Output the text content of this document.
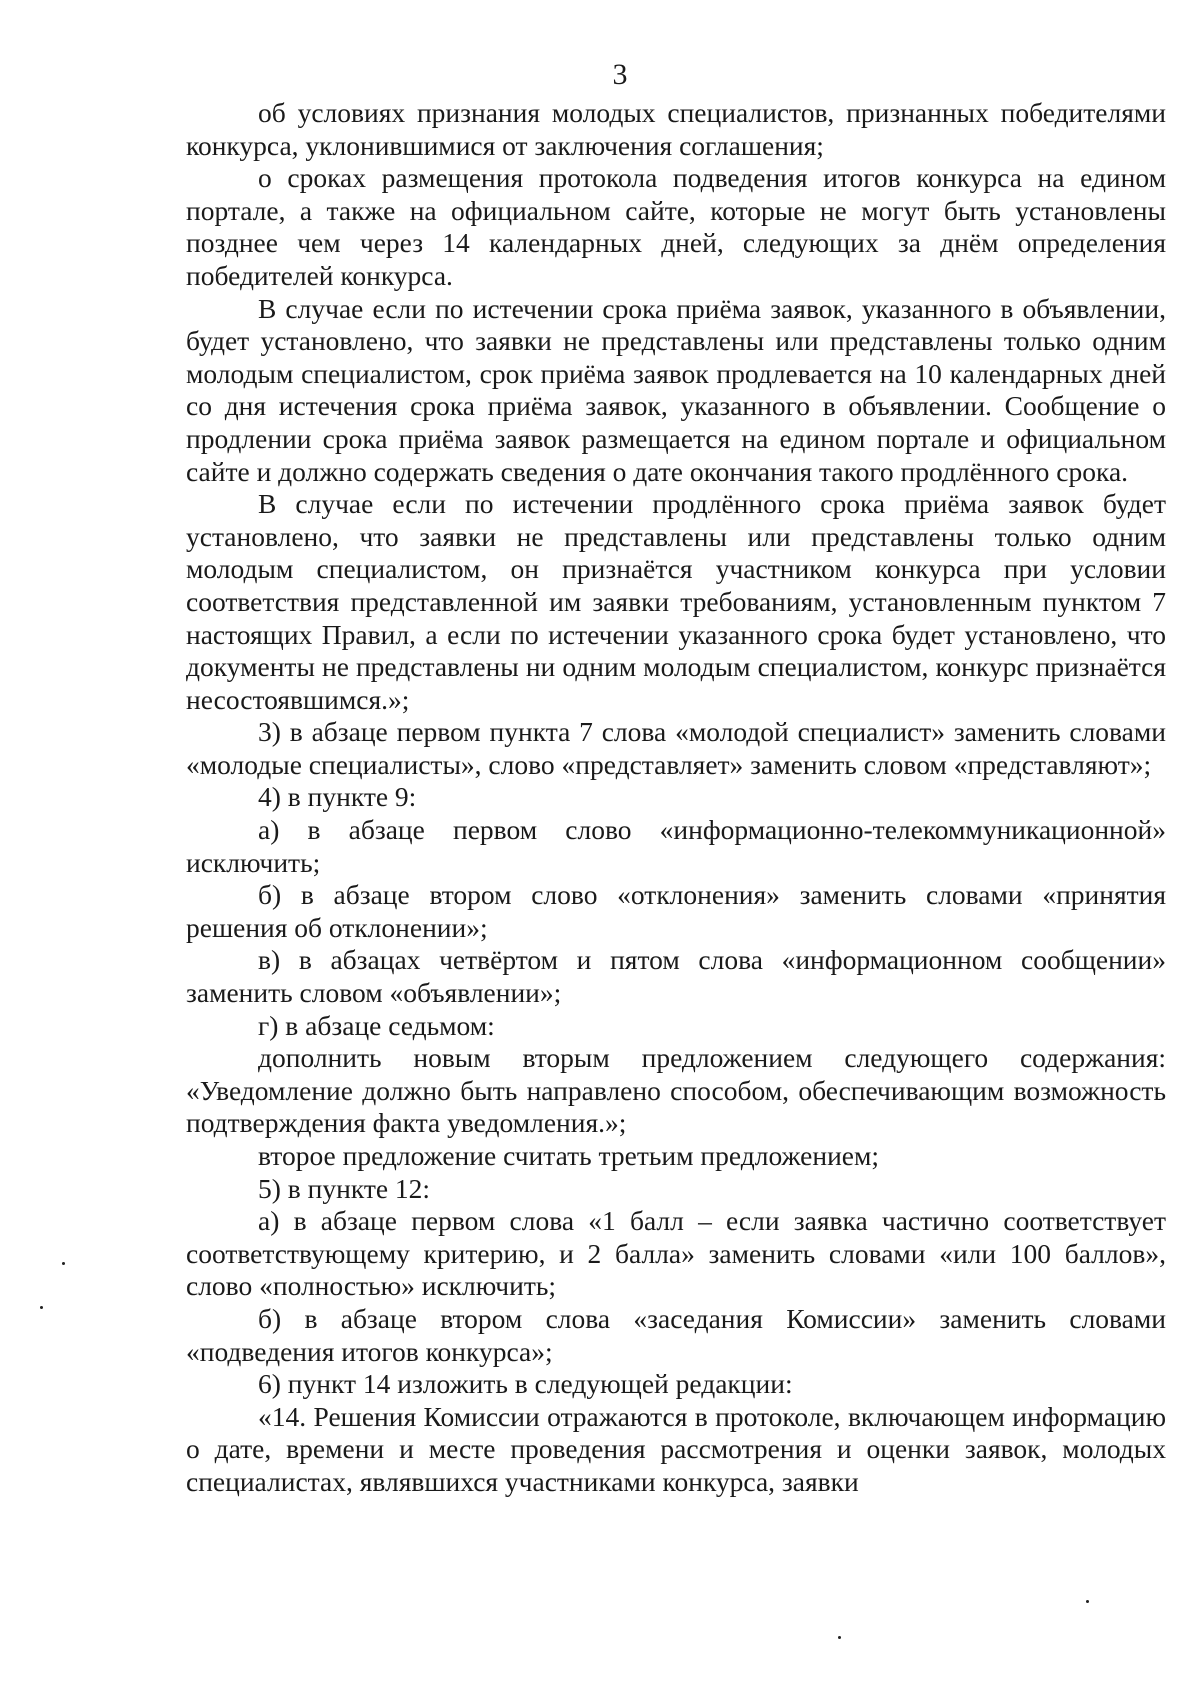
3

об условиях признания молодых специалистов, признанных победителями конкурса, уклонившимися от заключения соглашения;

о сроках размещения протокола подведения итогов конкурса на едином портале, а также на официальном сайте, которые не могут быть установлены позднее чем через 14 календарных дней, следующих за днём определения победителей конкурса.

В случае если по истечении срока приёма заявок, указанного в объявлении, будет установлено, что заявки не представлены или представлены только одним молодым специалистом, срок приёма заявок продлевается на 10 календарных дней со дня истечения срока приёма заявок, указанного в объявлении. Сообщение о продлении срока приёма заявок размещается на едином портале и официальном сайте и должно содержать сведения о дате окончания такого продлённого срока.

В случае если по истечении продлённого срока приёма заявок будет установлено, что заявки не представлены или представлены только одним молодым специалистом, он признаётся участником конкурса при условии соответствия представленной им заявки требованиям, установленным пунктом 7 настоящих Правил, а если по истечении указанного срока будет установлено, что документы не представлены ни одним молодым специалистом, конкурс признаётся несостоявшимся.»;

3) в абзаце первом пункта 7 слова «молодой специалист» заменить словами «молодые специалисты», слово «представляет» заменить словом «представляют»;

4) в пункте 9:

а) в абзаце первом слово «информационно-телекоммуникационной» исключить;

б) в абзаце втором слово «отклонения» заменить словами «принятия решения об отклонении»;

в) в абзацах четвёртом и пятом слова «информационном сообщении» заменить словом «объявлении»;

г) в абзаце седьмом:

дополнить новым вторым предложением следующего содержания: «Уведомление должно быть направлено способом, обеспечивающим возможность подтверждения факта уведомления.»;

второе предложение считать третьим предложением;

5) в пункте 12:

а) в абзаце первом слова «1 балл – если заявка частично соответствует соответствующему критерию, и 2 балла» заменить словами «или 100 баллов», слово «полностью» исключить;

б) в абзаце втором слова «заседания Комиссии» заменить словами «подведения итогов конкурса»;

6) пункт 14 изложить в следующей редакции:

«14. Решения Комиссии отражаются в протоколе, включающем информацию о дате, времени и месте проведения рассмотрения и оценки заявок, молодых специалистах, являвшихся участниками конкурса, заявки
